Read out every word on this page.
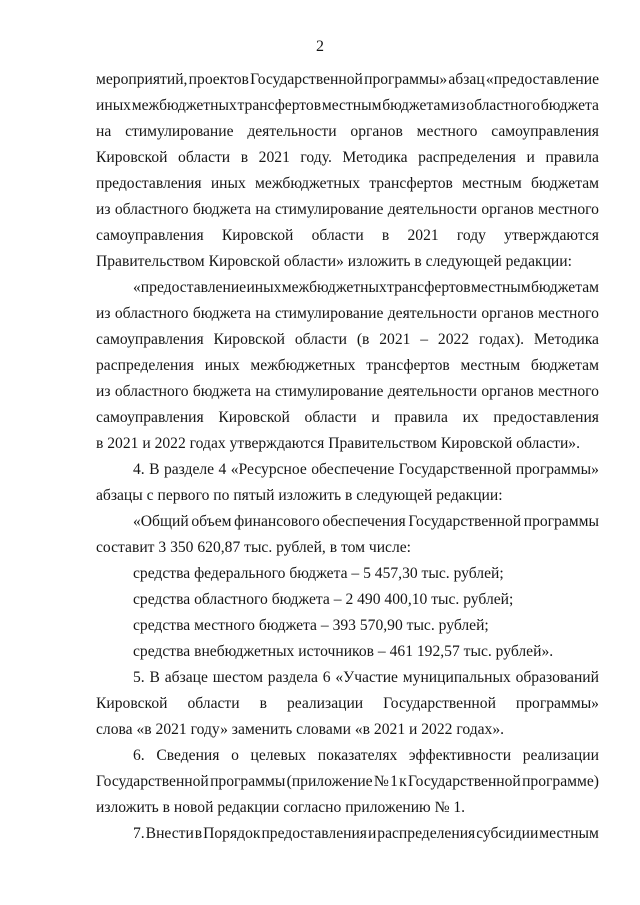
2
мероприятий, проектов Государственной программы» абзац «предоставление
иных межбюджетных трансфертов местным бюджетам из областного бюджета
на стимулирование деятельности органов местного самоуправления
Кировской области в 2021 году. Методика распределения и правила
предоставления иных межбюджетных трансфертов местным бюджетам
из областного бюджета на стимулирование деятельности органов местного
самоуправления Кировской области в 2021 году утверждаются
Правительством Кировской области» изложить в следующей редакции:
«предоставление иных межбюджетных трансфертов местным бюджетам
из областного бюджета на стимулирование деятельности органов местного
самоуправления Кировской области (в 2021 – 2022 годах). Методика
распределения иных межбюджетных трансфертов местным бюджетам
из областного бюджета на стимулирование деятельности органов местного
самоуправления Кировской области и правила их предоставления
в 2021 и 2022 годах утверждаются Правительством Кировской области».
4. В разделе 4 «Ресурсное обеспечение Государственной программы»
абзацы с первого по пятый изложить в следующей редакции:
«Общий объем финансового обеспечения Государственной программы
составит 3 350 620,87 тыс. рублей, в том числе:
средства федерального бюджета – 5 457,30 тыс. рублей;
средства областного бюджета – 2 490 400,10 тыс. рублей;
средства местного бюджета – 393 570,90 тыс. рублей;
средства внебюджетных источников – 461 192,57 тыс. рублей».
5. В абзаце шестом раздела 6 «Участие муниципальных образований
Кировской области в реализации Государственной программы»
слова «в 2021 году» заменить словами «в 2021 и 2022 годах».
6. Сведения о целевых показателях эффективности реализации
Государственной программы (приложение № 1 к Государственной программе)
изложить в новой редакции согласно приложению № 1.
7. Внести в Порядок предоставления и распределения субсидии местным
